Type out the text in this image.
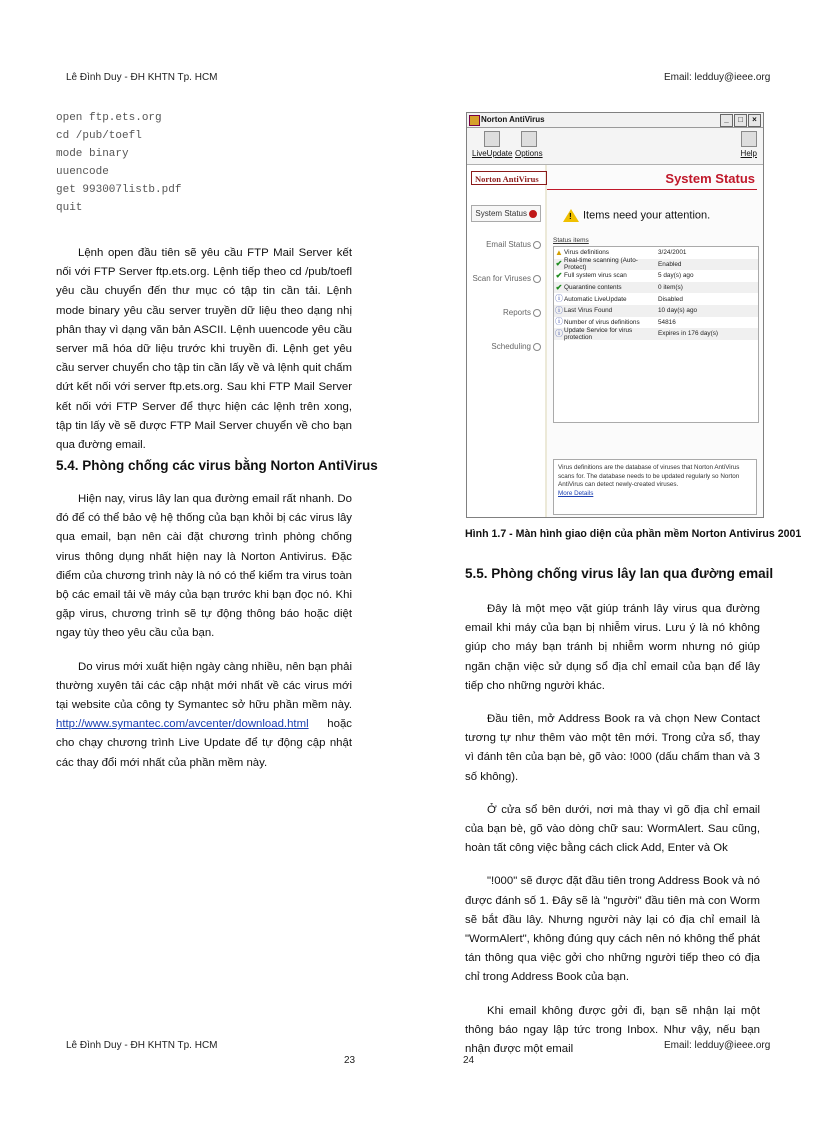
Lê Đình Duy - ĐH KHTN Tp. HCM	Email: ledduy@ieee.org
open ftp.ets.org
cd /pub/toefl
mode binary
uuencode
get 993007listb.pdf
quit

Lệnh open đầu tiên sẽ yêu cầu FTP Mail Server kết nối với FTP Server ftp.ets.org. Lệnh tiếp theo cd /pub/toefl yêu cầu chuyển đến thư mục có tập tin cần tải. Lệnh mode binary yêu cầu server truyền dữ liệu theo dạng nhị phân thay vì dạng văn bản ASCII. Lệnh uuencode yêu cầu server mã hóa dữ liệu trước khi truyền đi. Lệnh get yêu cầu server chuyển cho tập tin cần lấy về và lệnh quit chấm dứt kết nối với server ftp.ets.org. Sau khi FTP Mail Server kết nối với FTP Server để thực hiện các lệnh trên xong, tập tin lấy về sẽ được FTP Mail Server chuyển về cho bạn qua đường email.

5.4. Phòng chống các virus bằng Norton AntiVirus

Hiện nay, virus lây lan qua đường email rất nhanh. Do đó để có thể bảo vệ hệ thống của bạn khỏi bị các virus lây qua email, bạn nên cài đặt chương trình phòng chống virus thông dụng nhất hiện nay là Norton Antivirus. Đặc điểm của chương trình này là nó có thể kiểm tra virus toàn bộ các email tải về máy của bạn trước khi bạn đọc nó. Khi gặp virus, chương trình sẽ tự động thông báo hoặc diệt ngay tùy theo yêu cầu của bạn.

Do virus mới xuất hiện ngày càng nhiều, nên bạn phải thường xuyên tải các cập nhật mới nhất về các virus mới tại website của công ty Symantec sở hữu phần mềm này. http://www.symantec.com/avcenter/download.html hoặc cho chạy chương trình Live Update để tự động cập nhật các thay đổi mới nhất của phần mềm này.

Norton AntiVirus	_	□	×
LiveUpdate Options	Help
Norton AntiVirus
System Status
Email Status
Scan for Viruses
Reports
Scheduling
System Status
! Items need your attention.
Status items
▲ Virus definitions	3/24/2001
✔ Real-time scanning (Auto-Protect)	Enabled
✔ Full system virus scan	5 day(s) ago
✔ Quarantine contents	0 item(s)
ⓘ Automatic LiveUpdate	Disabled
ⓘ Last Virus Found	10 day(s) ago
ⓘ Number of virus definitions	54816
ⓘ Update Service for virus protection	Expires in 176 day(s)
Virus definitions are the database of viruses that Norton AntiVirus scans for. The database needs to be updated regularly so Norton AntiVirus can detect newly-created viruses.
More Details
Hình 1.7 - Màn hình giao diện của phần mềm Norton Antivirus 2001
5.5. Phòng chống virus lây lan qua đường email

Đây là một mẹo vặt giúp tránh lây virus qua đường email khi máy của bạn bị nhiễm virus. Lưu ý là nó không giúp cho máy bạn tránh bị nhiễm worm nhưng nó giúp ngăn chặn việc sử dụng sổ địa chỉ email của bạn để lây tiếp cho những người khác.

Đầu tiên, mở Address Book ra và chọn New Contact tương tự như thêm vào một tên mới. Trong cửa sổ, thay vì đánh tên của bạn bè, gõ vào: !000 (dấu chấm than và 3 số không).

Ở cửa sổ bên dưới, nơi mà thay vì gõ địa chỉ email của bạn bè, gõ vào dòng chữ sau: WormAlert. Sau cũng, hoàn tất công việc bằng cách click Add, Enter và Ok

"!000" sẽ được đặt đầu tiên trong Address Book và nó được đánh số 1. Đây sẽ là "người" đầu tiên mà con Worm sẽ bắt đầu lây. Nhưng người này lại có địa chỉ email là "WormAlert", không đúng quy cách nên nó không thể phát tán thông qua việc gởi cho những người tiếp theo có địa chỉ trong Address Book của bạn.

Khi email không được gởi đi, bạn sẽ nhận lại một thông báo ngay lập tức trong Inbox. Như vậy, nếu bạn nhận được một email

Lê Đình Duy - ĐH KHTN Tp. HCM
23
Email: ledduy@ieee.org
24
